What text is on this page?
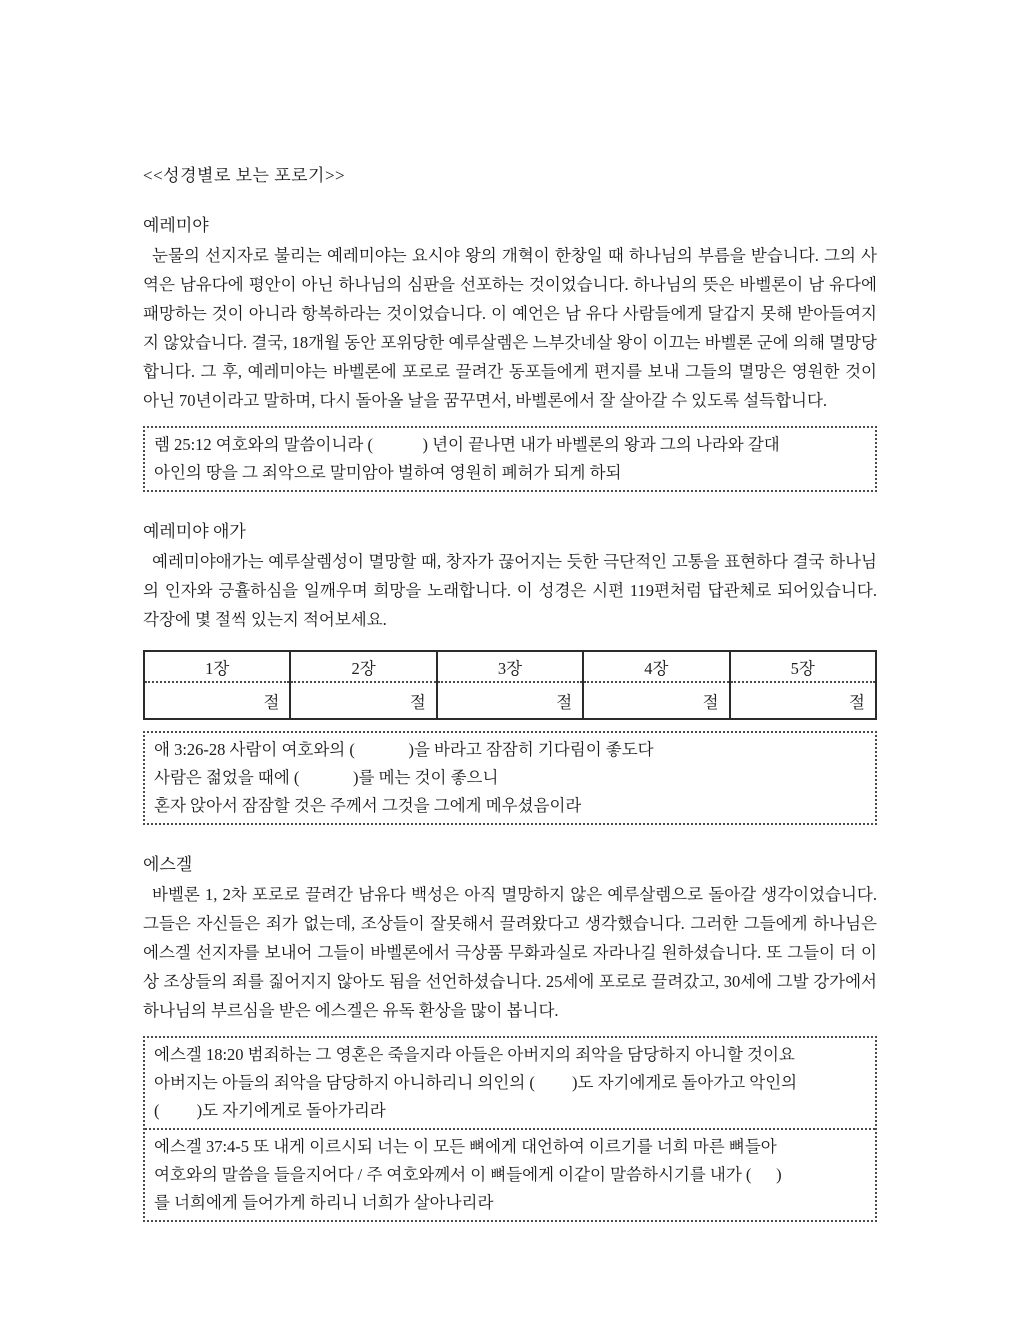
<<성경별로 보는 포로기>>
예레미야

눈물의 선지자로 불리는 예레미야는 요시야 왕의 개혁이 한창일 때 하나님의 부름을 받습니다. 그의 사역은 남유다에 평안이 아닌 하나님의 심판을 선포하는 것이었습니다. 하나님의 뜻은 바벨론이 남 유다에 패망하는 것이 아니라 항복하라는 것이었습니다. 이 예언은 남 유다 사람들에게 달갑지 못해 받아들여지지 않았습니다. 결국, 18개월 동안 포위당한 예루살렘은 느부갓네살 왕이 이끄는 바벨론 군에 의해 멸망당합니다. 그 후, 예레미야는 바벨론에 포로로 끌려간 동포들에게 편지를 보내 그들의 멸망은 영원한 것이 아닌 70년이라고 말하며, 다시 돌아올 날을 꿈꾸면서, 바벨론에서 잘 살아갈 수 있도록 설득합니다.

렘 25:12 여호와의 말씀이니라 (            ) 년이 끝나면 내가 바벨론의 왕과 그의 나라와 갈대
아인의 땅을 그 죄악으로 말미암아 벌하여 영원히 폐허가 되게 하되
예레미야 애가

예레미야애가는 예루살렘성이 멸망할 때, 창자가 끊어지는 듯한 극단적인 고통을 표현하다 결국 하나님의 인자와 긍휼하심을 일깨우며 희망을 노래합니다. 이 성경은 시편 119편처럼 답관체로 되어있습니다. 각장에 몇 절씩 있는지 적어보세요.

1장	2장	3장	4장	5장
절	절	절	절	절
애 3:26-28 사람이 여호와의 (             )을 바라고 잠잠히 기다림이 좋도다
사람은 젊었을 때에 (             )를 메는 것이 좋으니
혼자 앉아서 잠잠할 것은 주께서 그것을 그에게 메우셨음이라
에스겔

바벨론 1, 2차 포로로 끌려간 남유다 백성은 아직 멸망하지 않은 예루살렘으로 돌아갈 생각이었습니다. 그들은 자신들은 죄가 없는데, 조상들이 잘못해서 끌려왔다고 생각했습니다. 그러한 그들에게 하나님은 에스겔 선지자를 보내어 그들이 바벨론에서 극상품 무화과실로 자라나길 원하셨습니다. 또 그들이 더 이상 조상들의 죄를 짊어지지 않아도 됨을 선언하셨습니다. 25세에 포로로 끌려갔고, 30세에 그발 강가에서 하나님의 부르심을 받은 에스겔은 유독 환상을 많이 봅니다.

에스겔 18:20 범죄하는 그 영혼은 죽을지라 아들은 아버지의 죄악을 담당하지 아니할 것이요
아버지는 아들의 죄악을 담당하지 아니하리니 의인의 (         )도 자기에게로 돌아가고 악인의
(         )도 자기에게로 돌아가리라
에스겔 37:4-5 또 내게 이르시되 너는 이 모든 뼈에게 대언하여 이르기를 너희 마른 뼈들아
여호와의 말씀을 들을지어다 / 주 여호와께서 이 뼈들에게 이같이 말씀하시기를 내가 (      )
를 너희에게 들어가게 하리니 너희가 살아나리라
